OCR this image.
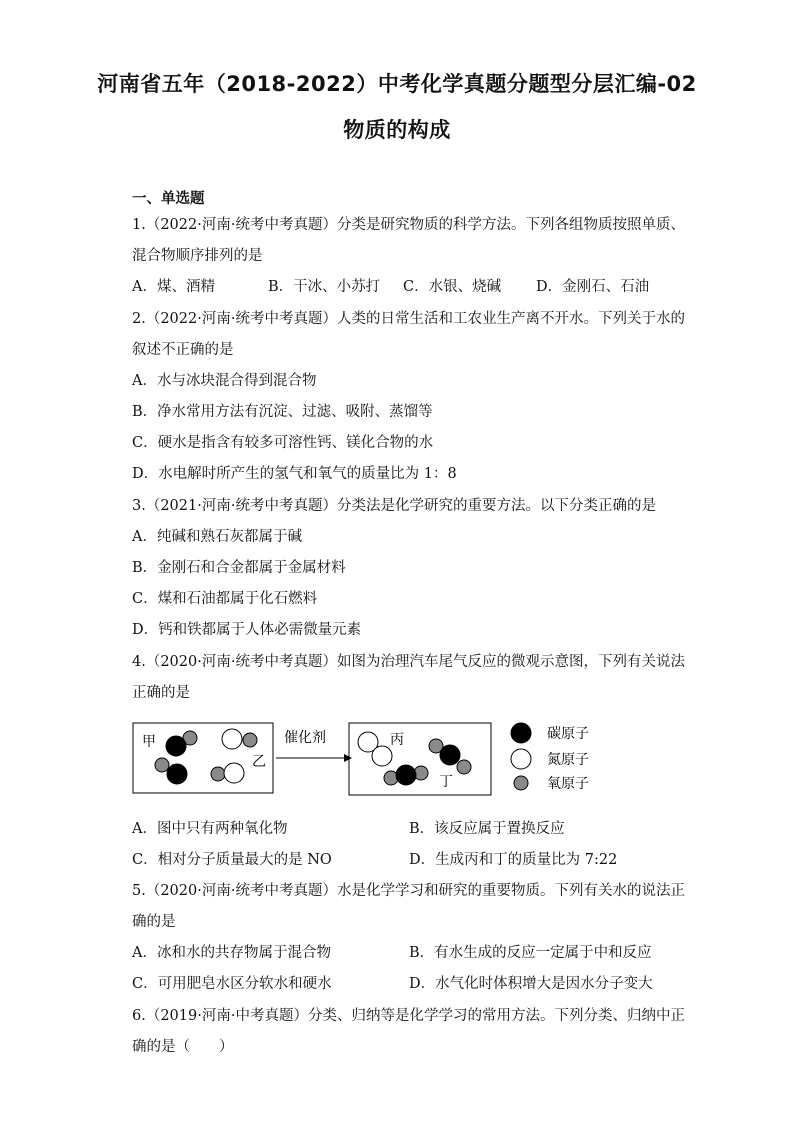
河南省五年（2018-2022）中考化学真题分题型分层汇编-02
物质的构成
一、单选题
1.（2022·河南·统考中考真题）分类是研究物质的科学方法。下列各组物质按照单质、
混合物顺序排列的是
A．煤、酒精	B．干冰、小苏打 C．水银、烧碱 D．金刚石、石油
2.（2022·河南·统考中考真题）人类的日常生活和工农业生产离不开水。下列关于水的
叙述不正确的是
A．水与冰块混合得到混合物
B．净水常用方法有沉淀、过滤、吸附、蒸馏等
C．硬水是指含有较多可溶性钙、镁化合物的水
D．水电解时所产生的氢气和氧气的质量比为 1：8
3.（2021·河南·统考中考真题）分类法是化学研究的重要方法。以下分类正确的是
A．纯碱和熟石灰都属于碱
B．金刚石和合金都属于金属材料
C．煤和石油都属于化石燃料
D．钙和铁都属于人体必需微量元素
4.（2020·河南·统考中考真题）如图为治理汽车尾气反应的微观示意图，下列有关说法
正确的是
甲
乙
催化剂	丙
丁
碳原子
氮原子
氧原子
A．图中只有两种氧化物	B．该反应属于置换反应
C．相对分子质量最大的是 NO	D．生成丙和丁的质量比为 7:22
5.（2020·河南·统考中考真题）水是化学学习和研究的重要物质。下列有关水的说法正
确的是
A．冰和水的共存物属于混合物	B．有水生成的反应一定属于中和反应
C．可用肥皂水区分软水和硬水	D．水气化时体积增大是因水分子变大
6.（2019·河南·中考真题）分类、归纳等是化学学习的常用方法。下列分类、归纳中正
确的是（　　）
